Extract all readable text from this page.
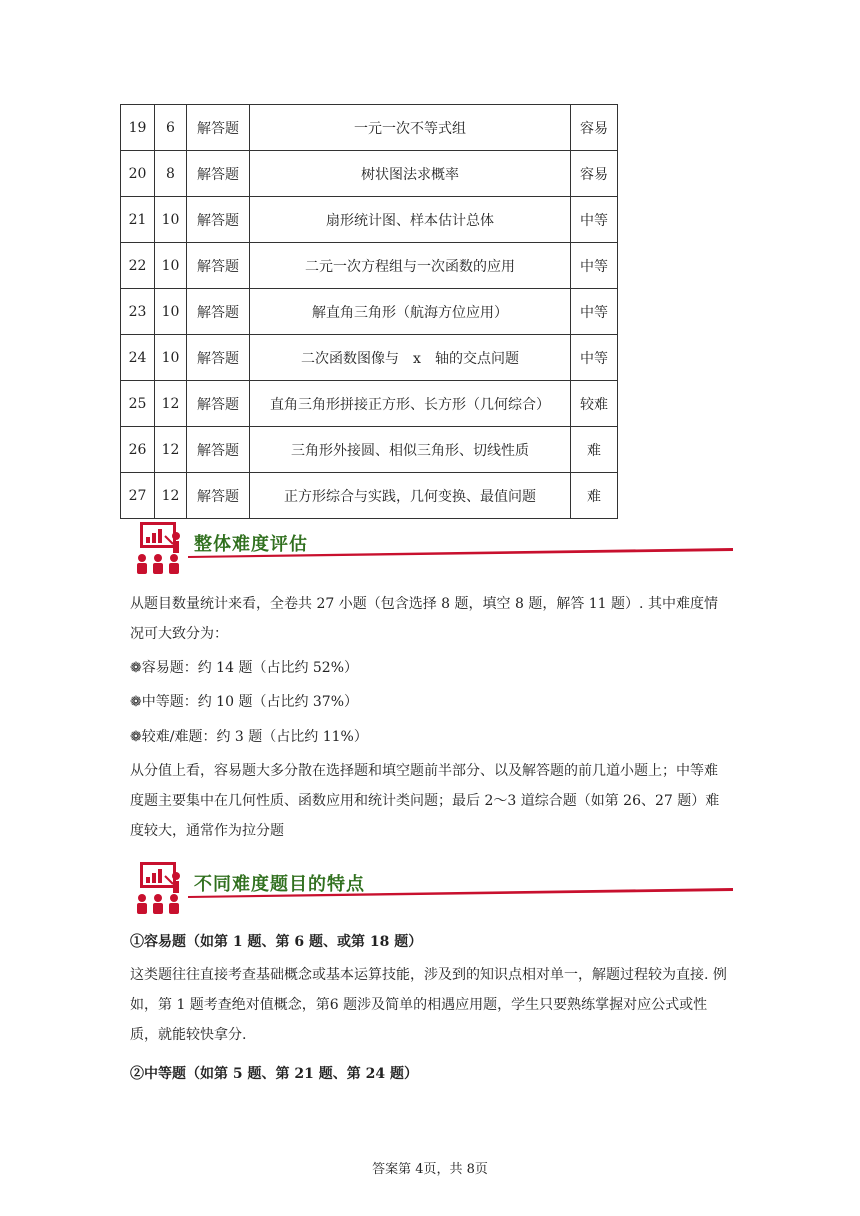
19	6	解答题	一元一次不等式组	容易
20	8	解答题	树状图法求概率	容易
21	10	解答题	扇形统计图、样本估计总体	中等
22	10	解答题	二元一次方程组与一次函数的应用	中等
23	10	解答题	解直角三角形（航海方位应用）	中等
24	10	解答题	二次函数图像与　x　轴的交点问题	中等
25	12	解答题	直角三角形拼接正方形、长方形（几何综合）	较难
26	12	解答题	三角形外接圆、相似三角形、切线性质	难
27	12	解答题	正方形综合与实践，几何变换、最值问题	难
整体难度评估

从题目数量统计来看，全卷共 27 小题（包含选择 8 题，填空 8 题，解答 11 题）. 其中难度情况可大致分为：

❁容易题：约 14 题（占比约 52%）

❁中等题：约 10 题（占比约 37%）

❁较难/难题：约 3 题（占比约 11%）

从分值上看，容易题大多分散在选择题和填空题前半部分、以及解答题的前几道小题上；中等难度题主要集中在几何性质、函数应用和统计类问题；最后 2～3 道综合题（如第 26、27 题）难度较大，通常作为拉分题

不同难度题目的特点

①容易题（如第 1 题、第 6 题、或第 18 题）

这类题往往直接考查基础概念或基本运算技能，涉及到的知识点相对单一，解题过程较为直接. 例如，第 1 题考查绝对值概念，第6 题涉及简单的相遇应用题，学生只要熟练掌握对应公式或性质，就能较快拿分.

②中等题（如第 5 题、第 21 题、第 24 题）

答案第 4页，共 8页
